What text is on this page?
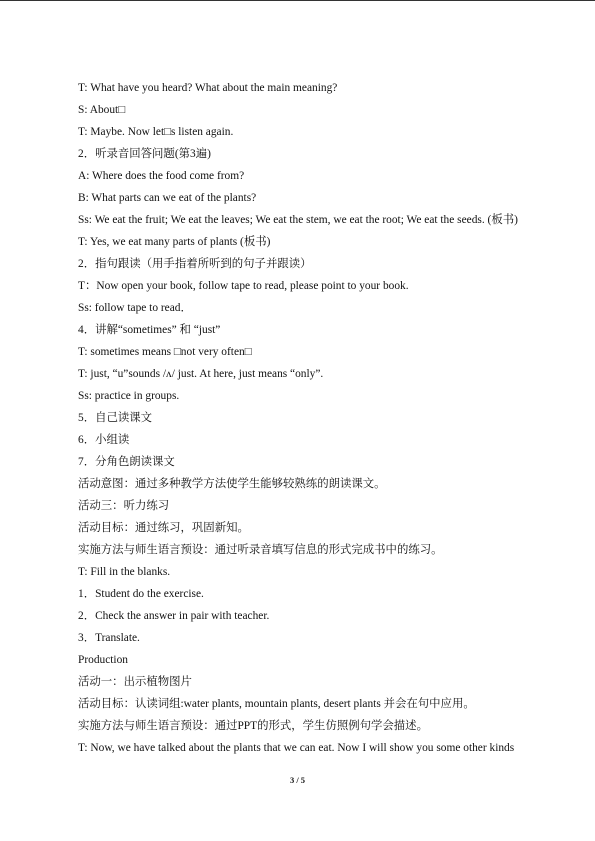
T: What have you heard? What about the main meaning?
S: About□
T: Maybe. Now let□s listen again.
2．听录音回答问题(第3遍)
A: Where does the food come from?
B: What parts can we eat of the plants?
Ss: We eat the fruit; We eat the leaves; We eat the stem, we eat the root; We eat the seeds. (板书)
T: Yes, we eat many parts of plants (板书)
2．指句跟读（用手指着所听到的句子并跟读）
T：Now open your book, follow tape to read, please point to your book.
Ss: follow tape to read．
4．讲解“sometimes” 和 “just”
T: sometimes means □not very often□
T: just, “u”sounds /ʌ/ just. At here, just means “only”.
Ss: practice in groups.
5．自己读课文
6．小组读
7．分角色朗读课文
活动意图：通过多种教学方法使学生能够较熟练的朗读课文。
活动三：听力练习
活动目标：通过练习，巩固新知。
实施方法与师生语言预设：通过听录音填写信息的形式完成书中的练习。
T: Fill in the blanks.
1．Student do the exercise.
2．Check the answer in pair with teacher.
3．Translate.
Production
活动一：出示植物图片
活动目标：认读词组:water plants, mountain plants, desert plants 并会在句中应用。
实施方法与师生语言预设：通过PPT的形式，学生仿照例句学会描述。
T: Now, we have talked about the plants that we can eat. Now I will show you some other kinds
3 / 5
